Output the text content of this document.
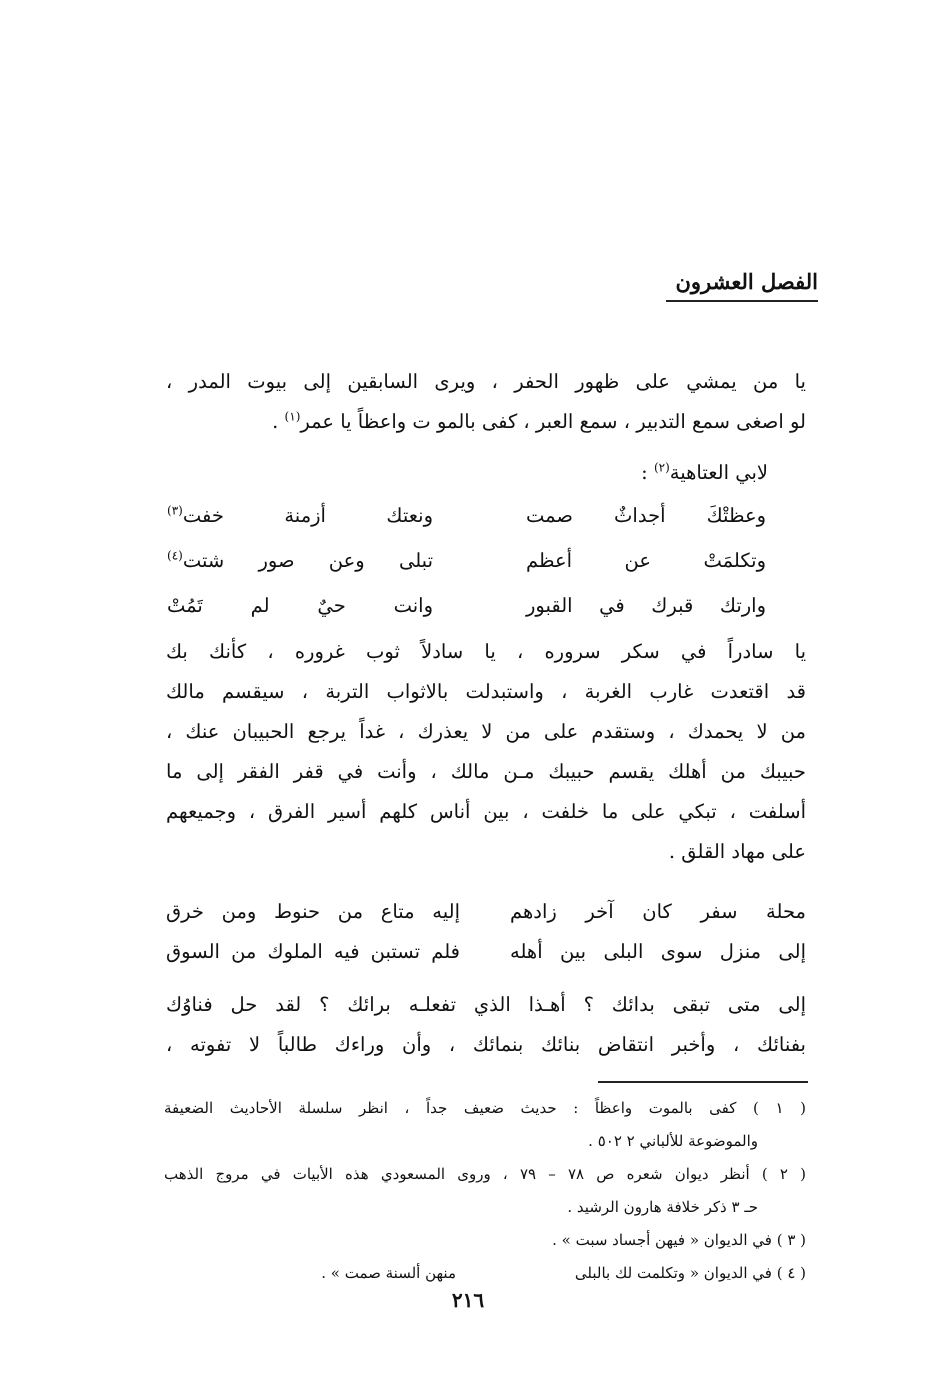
الفصل العشرون
يا من يمشي على ظهور الحفر ، ويرى السابقين إلى بيوت المدر ،
لو اصغى سمع التدبير ، سمع العبر ، كفى بالمو ت واعظاً يا عمر$^{(١)}$ .
لابي العتاهية$^{(٢)}$ :
وعظتْكَ أجداثٌ صمت
ونعتك أزمنة خفت$^{(٣)}$
وتكلمَتْ عن أعظم
تبلى وعن صور شتت$^{(٤)}$
وارتك قبرك في القبور
وانت حيٌ لم تَمُتْ
يا سادراً في سكر سروره ، يا سادلاً ثوب غروره ، كأنك بك
قد اقتعدت غارب الغربة ، واستبدلت بالاثواب التربة ، سيقسم مالك
من لا يحمدك ، وستقدم على من لا يعذرك ، غداً يرجع الحبيبان عنك ،
حبيبك من أهلك يقسم حبيبك مـن مالك ، وأنت في قفر الفقر إلى ما
أسلفت ، تبكي على ما خلفت ، بين أناس كلهم أسير الفرق ، وجميعهم
على مهاد القلق .
محلة سفر كان آخر زادهم
إليه متاع من حنوط ومن خرق
إلى منزل سوى البلى بين أهله
فلم تستبن فيه الملوك من السوق
إلى متى تبقى بدائك ؟ أهـذا الذي تفعلـه برائك ؟ لقد حل فناوُك
بفنائك ، وأخبر انتقاض بنائك بنمائك ، وأن وراءك طالباً لا تفوته ،
( ١ ) كفى بالموت واعظاً : حديث ضعيف جداً ، انظر سلسلة الأحاديث الضعيفة
والموضوعة للألباني ٢ ٥٠٢ .
( ٢ ) أنظر ديوان شعره ص ٧٨ – ٧٩ ، وروى المسعودي هذه الأبيات في مروج الذهب
حـ ٣ ذكر خلافة هارون الرشيد .
( ٣ ) في الديوان « فيهن أجساد سبت » .
( ٤ ) في الديوان « وتكلمت لك بالبلى
منهن ألسنة صمت » .
٢١٦
